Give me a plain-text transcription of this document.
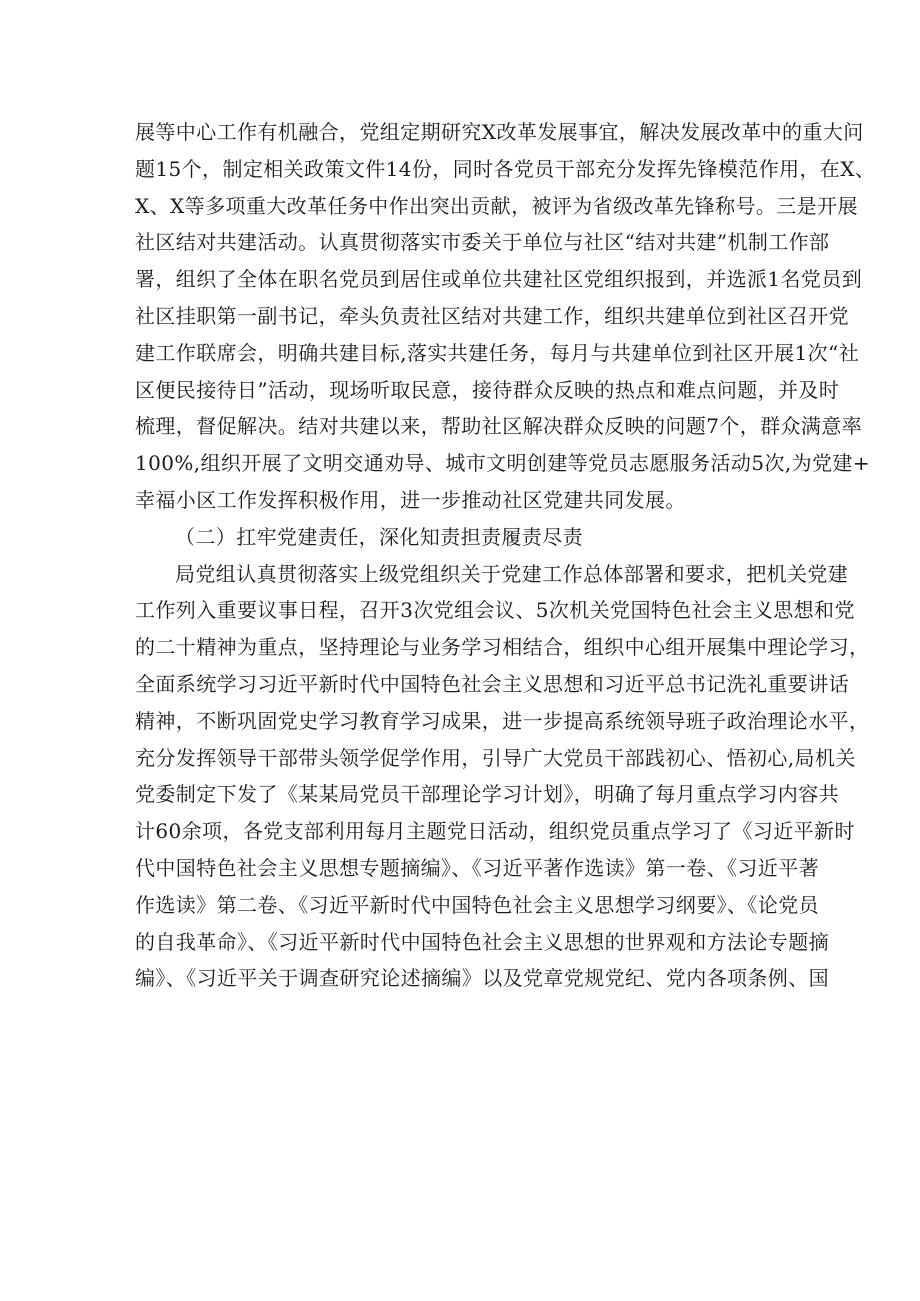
展等中心工作有机融合，党组定期研究X改革发展事宜，解决发展改革中的重大问
题15个，制定相关政策文件14份，同时各党员干部充分发挥先锋模范作用，在X、
X、X等多项重大改革任务中作出突出贡献，被评为省级改革先锋称号。三是开展
社区结对共建活动。认真贯彻落实市委关于单位与社区“结对共建”机制工作部
署，组织了全体在职名党员到居住或单位共建社区党组织报到，并选派1名党员到
社区挂职第一副书记，牵头负责社区结对共建工作，组织共建单位到社区召开党
建工作联席会，明确共建目标,落实共建任务，每月与共建单位到社区开展1次“社
区便民接待日”活动，现场听取民意，接待群众反映的热点和难点问题，并及时
梳理，督促解决。结对共建以来，帮助社区解决群众反映的问题7个，群众满意率
100%,组织开展了文明交通劝导、城市文明创建等党员志愿服务活动5次,为党建+
幸福小区工作发挥积极作用，进一步推动社区党建共同发展。

（二）扛牢党建责任，深化知责担责履责尽责

局党组认真贯彻落实上级党组织关于党建工作总体部署和要求，把机关党建
工作列入重要议事日程，召开3次党组会议、5次机关党国特色社会主义思想和党
的二十精神为重点，坚持理论与业务学习相结合，组织中心组开展集中理论学习，
全面系统学习习近平新时代中国特色社会主义思想和习近平总书记洗礼重要讲话
精神，不断巩固党史学习教育学习成果，进一步提高系统领导班子政治理论水平，
充分发挥领导干部带头领学促学作用，引导广大党员干部践初心、悟初心,局机关
党委制定下发了《某某局党员干部理论学习计划》，明确了每月重点学习内容共
计60余项，各党支部利用每月主题党日活动，组织党员重点学习了《习近平新时
代中国特色社会主义思想专题摘编》、《习近平著作选读》第一卷、《习近平著
作选读》第二卷、《习近平新时代中国特色社会主义思想学习纲要》、《论党员
的自我革命》、《习近平新时代中国特色社会主义思想的世界观和方法论专题摘
编》、《习近平关于调查研究论述摘编》以及党章党规党纪、党内各项条例、国
